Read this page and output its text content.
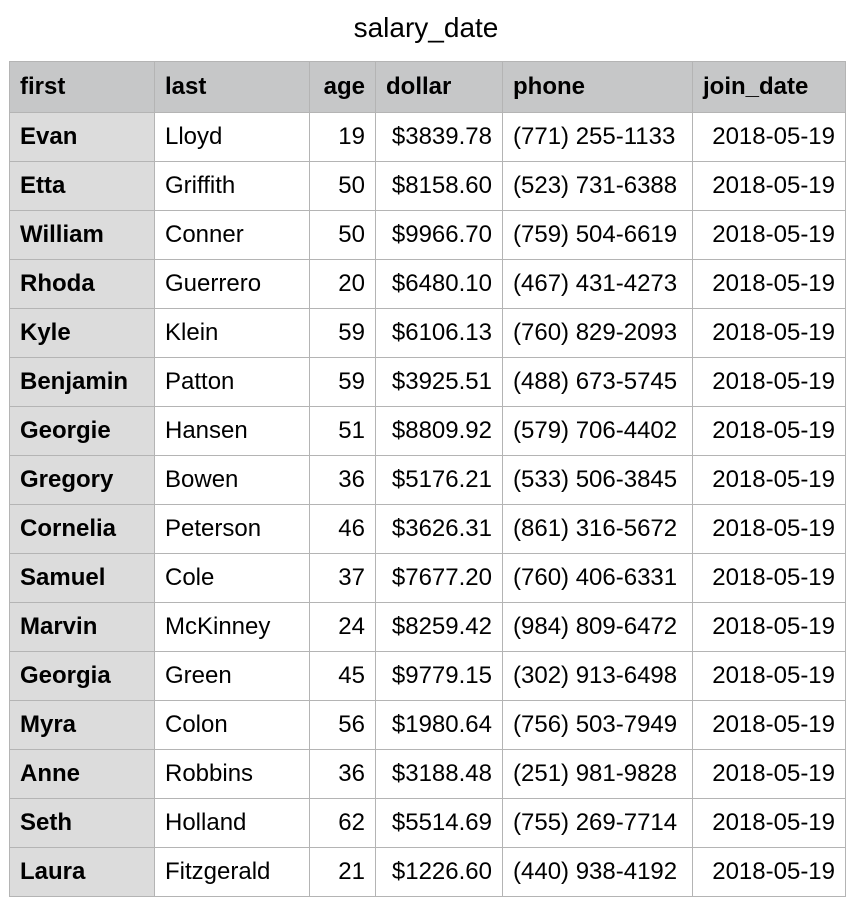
salary_date
first	last	age	dollar	phone	join_date
Evan	Lloyd	19	$3839.78	(771) 255-1133	2018-05-19
Etta	Griffith	50	$8158.60	(523) 731-6388	2018-05-19
William	Conner	50	$9966.70	(759) 504-6619	2018-05-19
Rhoda	Guerrero	20	$6480.10	(467) 431-4273	2018-05-19
Kyle	Klein	59	$6106.13	(760) 829-2093	2018-05-19
Benjamin	Patton	59	$3925.51	(488) 673-5745	2018-05-19
Georgie	Hansen	51	$8809.92	(579) 706-4402	2018-05-19
Gregory	Bowen	36	$5176.21	(533) 506-3845	2018-05-19
Cornelia	Peterson	46	$3626.31	(861) 316-5672	2018-05-19
Samuel	Cole	37	$7677.20	(760) 406-6331	2018-05-19
Marvin	McKinney	24	$8259.42	(984) 809-6472	2018-05-19
Georgia	Green	45	$9779.15	(302) 913-6498	2018-05-19
Myra	Colon	56	$1980.64	(756) 503-7949	2018-05-19
Anne	Robbins	36	$3188.48	(251) 981-9828	2018-05-19
Seth	Holland	62	$5514.69	(755) 269-7714	2018-05-19
Laura	Fitzgerald	21	$1226.60	(440) 938-4192	2018-05-19
